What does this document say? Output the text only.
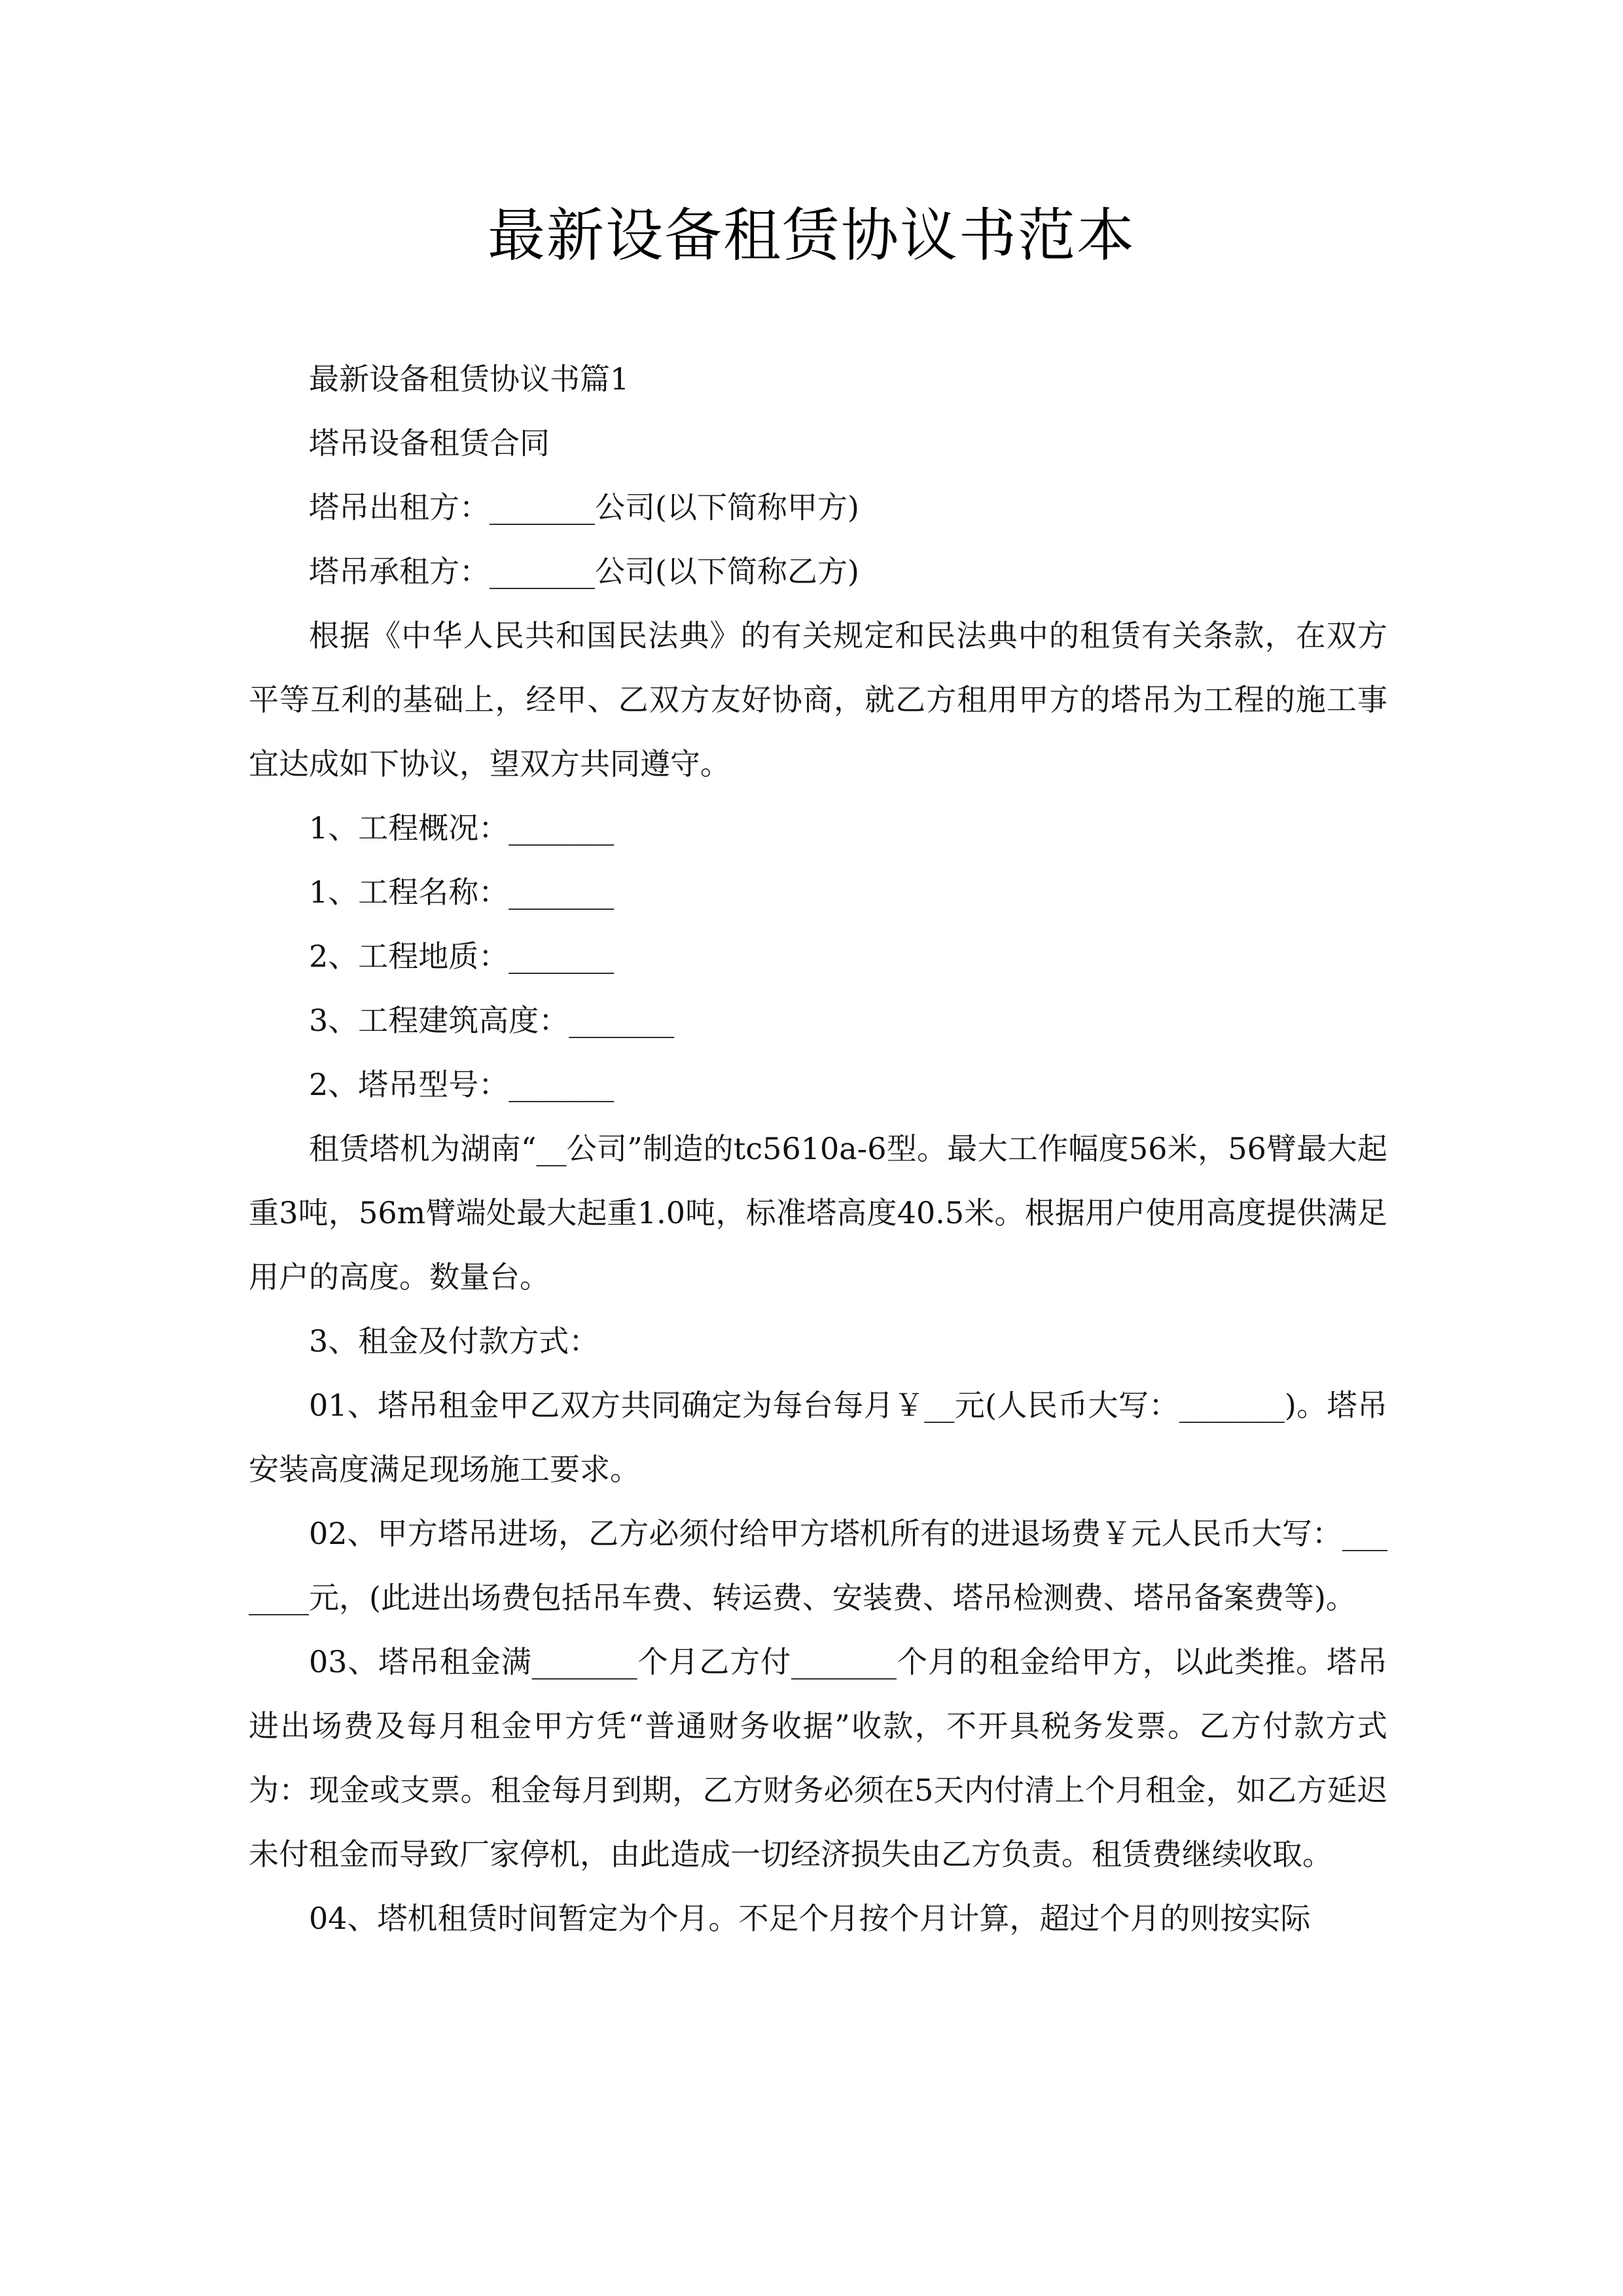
最新设备租赁协议书范本

最新设备租赁协议书篇1

塔吊设备租赁合同

塔吊出租方：_______公司(以下简称甲方)

塔吊承租方：_______公司(以下简称乙方)

根据《中华人民共和国民法典》的有关规定和民法典中的租赁有关条款，在双方平等互利的基础上，经甲、乙双方友好协商，就乙方租用甲方的塔吊为工程的施工事宜达成如下协议，望双方共同遵守。

1、工程概况：_______

1、工程名称：_______

2、工程地质：_______

3、工程建筑高度：_______

2、塔吊型号：_______

租赁塔机为湖南“__公司”制造的tc5610a-6型。最大工作幅度56米，56臂最大起重3吨，56m臂端处最大起重1.0吨，标准塔高度40.5米。根据用户使用高度提供满足用户的高度。数量台。

3、租金及付款方式：

01、塔吊租金甲乙双方共同确定为每台每月￥__元(人民币大写：_______)。塔吊安装高度满足现场施工要求。

02、甲方塔吊进场，乙方必须付给甲方塔机所有的进退场费￥元人民币大写：_______元，(此进出场费包括吊车费、转运费、安装费、塔吊检测费、塔吊备案费等)。

03、塔吊租金满_______个月乙方付_______个月的租金给甲方，以此类推。塔吊进出场费及每月租金甲方凭“普通财务收据”收款，不开具税务发票。乙方付款方式为：现金或支票。租金每月到期，乙方财务必须在5天内付清上个月租金，如乙方延迟未付租金而导致厂家停机，由此造成一切经济损失由乙方负责。租赁费继续收取。

04、塔机租赁时间暂定为个月。不足个月按个月计算，超过个月的则按实际
